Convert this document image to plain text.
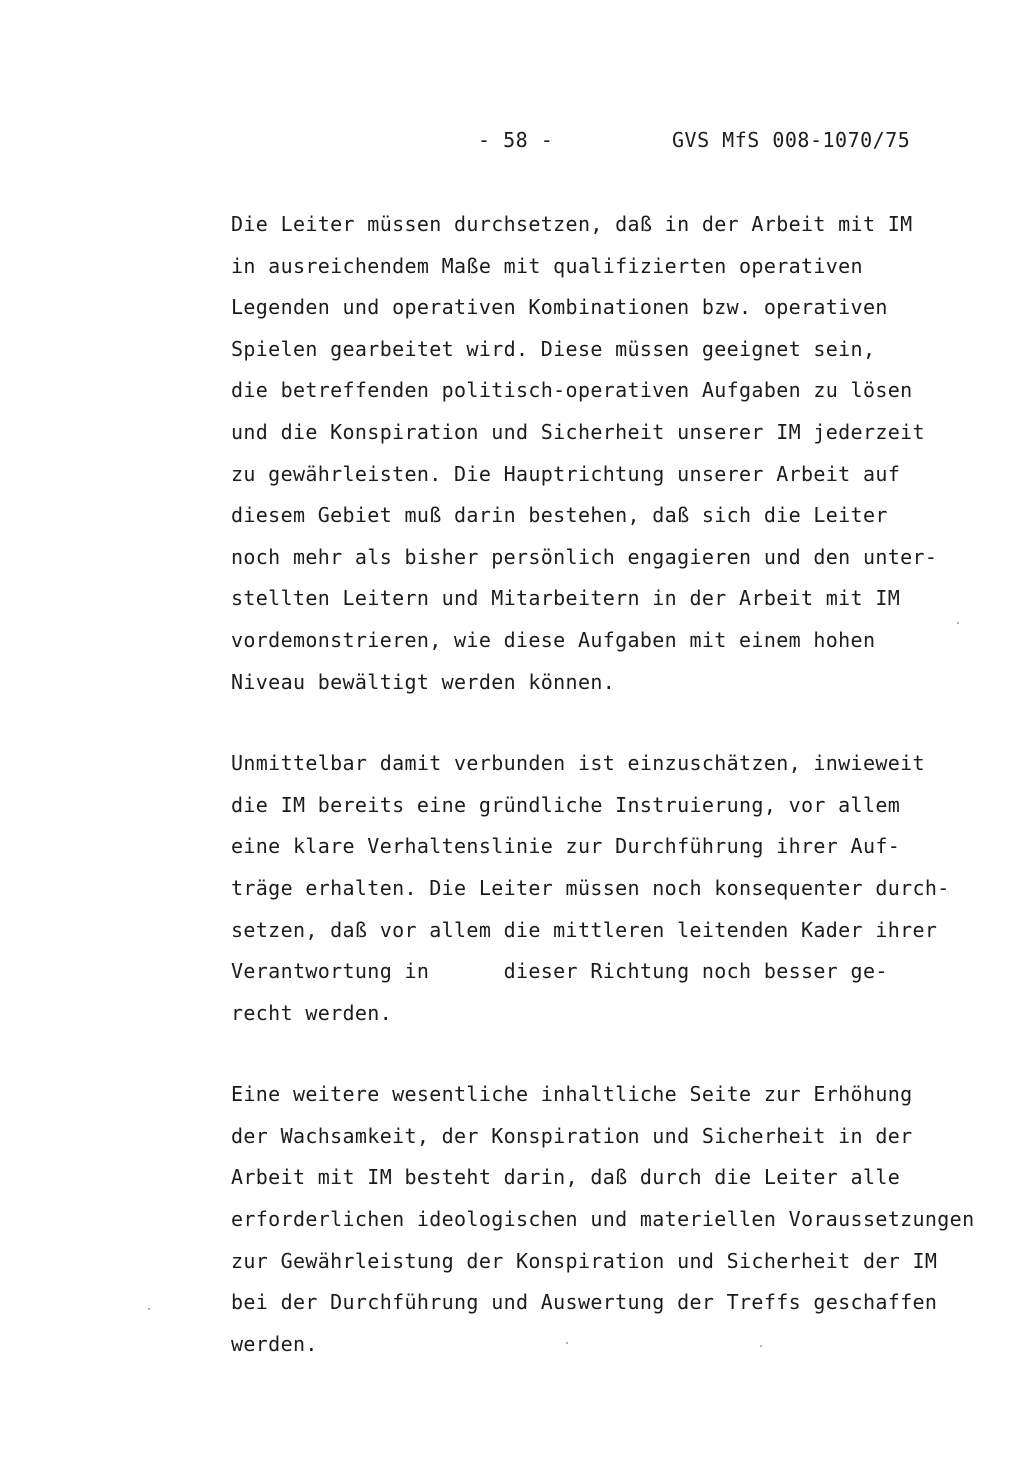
- 58 -	GVS MfS 008-1070/75
Die Leiter müssen durchsetzen, daß in der Arbeit mit IM
in ausreichendem Maße mit qualifizierten operativen
Legenden und operativen Kombinationen bzw. operativen
Spielen gearbeitet wird. Diese müssen geeignet sein,
die betreffenden politisch-operativen Aufgaben zu lösen
und die Konspiration und Sicherheit unserer IM jederzeit
zu gewährleisten. Die Hauptrichtung unserer Arbeit auf
diesem Gebiet muß darin bestehen, daß sich die Leiter
noch mehr als bisher persönlich engagieren und den unter-
stellten Leitern und Mitarbeitern in der Arbeit mit IM
vordemonstrieren, wie diese Aufgaben mit einem hohen
Niveau bewältigt werden können.
Unmittelbar damit verbunden ist einzuschätzen, inwieweit
die IM bereits eine gründliche Instruierung, vor allem
eine klare Verhaltenslinie zur Durchführung ihrer Auf-
träge erhalten. Die Leiter müssen noch konsequenter durch-
setzen, daß vor allem die mittleren leitenden Kader ihrer
Verantwortung in      dieser Richtung noch besser ge-
recht werden.
Eine weitere wesentliche inhaltliche Seite zur Erhöhung
der Wachsamkeit, der Konspiration und Sicherheit in der
Arbeit mit IM besteht darin, daß durch die Leiter alle
erforderlichen ideologischen und materiellen Voraussetzungen
zur Gewährleistung der Konspiration und Sicherheit der IM
bei der Durchführung und Auswertung der Treffs geschaffen
werden.
